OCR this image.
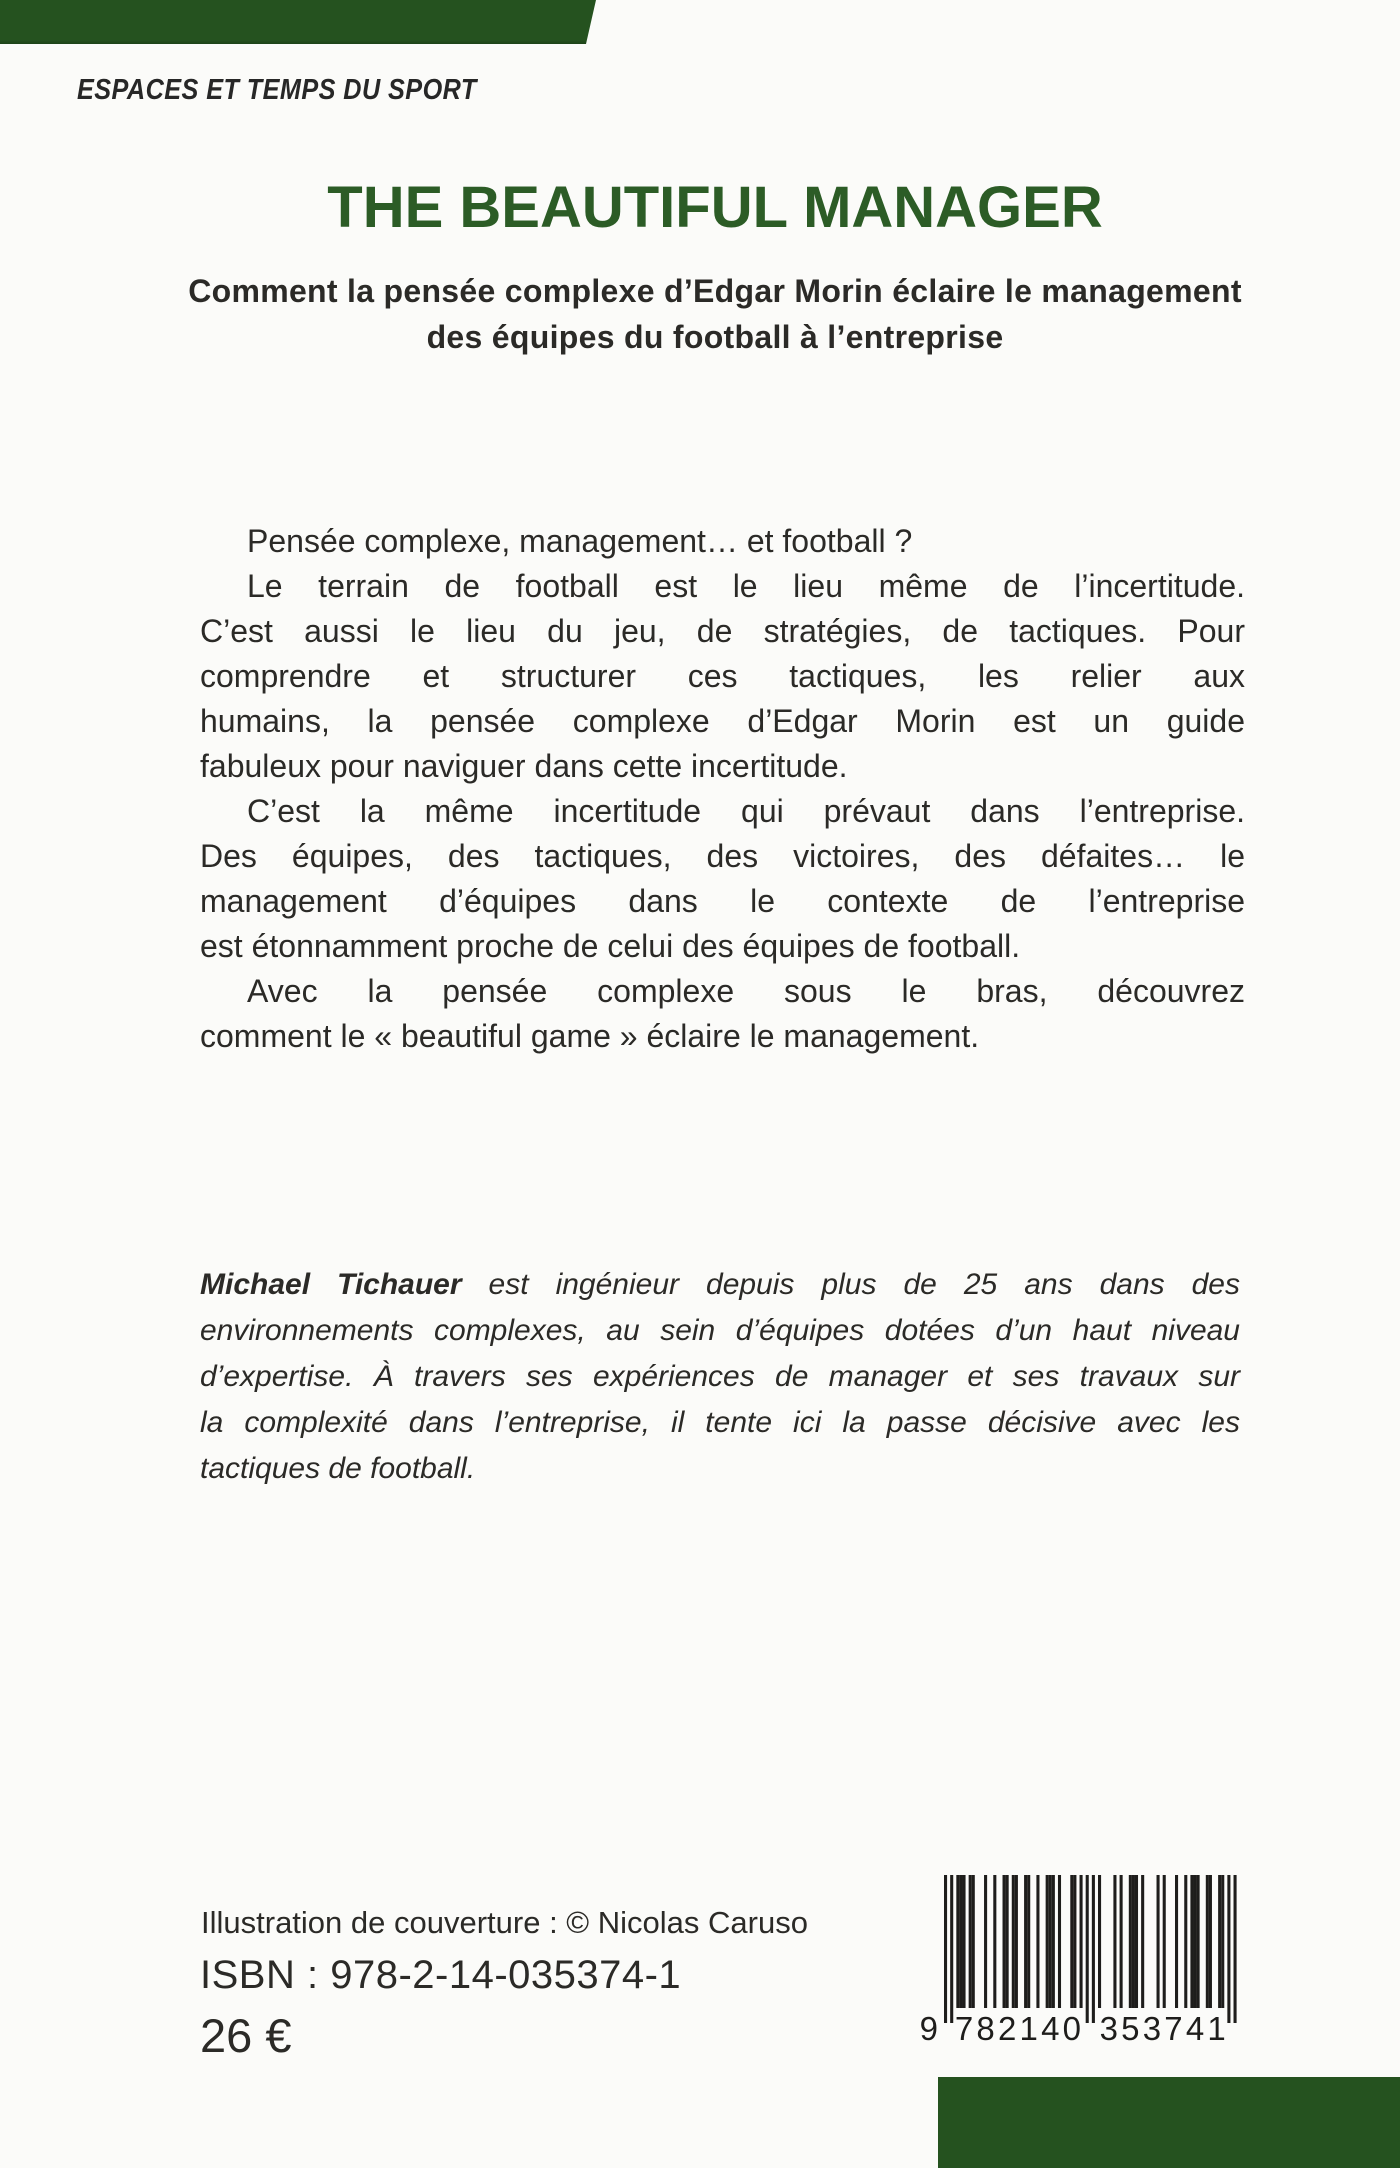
ESPACES ET TEMPS DU SPORT
THE BEAUTIFUL MANAGER
Comment la pensée complexe d’Edgar Morin éclaire le management
des équipes du football à l’entreprise
Pensée complexe, management… et football ?
Le terrain de football est le lieu même de l’incertitude.
C’est aussi le lieu du jeu, de stratégies, de tactiques. Pour
comprendre et structurer ces tactiques, les relier aux
humains, la pensée complexe d’Edgar Morin est un guide
fabuleux pour naviguer dans cette incertitude.
C’est la même incertitude qui prévaut dans l’entreprise.
Des équipes, des tactiques, des victoires, des défaites… le
management d’équipes dans le contexte de l’entreprise
est étonnamment proche de celui des équipes de football.
Avec la pensée complexe sous le bras, découvrez
comment le « beautiful game » éclaire le management.
Michael Tichauer est ingénieur depuis plus de 25 ans dans des
environnements complexes, au sein d’équipes dotées d’un haut niveau
d’expertise. À travers ses expériences de manager et ses travaux sur
la complexité dans l’entreprise, il tente ici la passe décisive avec les
tactiques de football.
Illustration de couverture : © Nicolas Caruso
ISBN : 978-2-14-035374-1
26 €	9 7 8 2 1 4 0 3 5 3 7 4 1
